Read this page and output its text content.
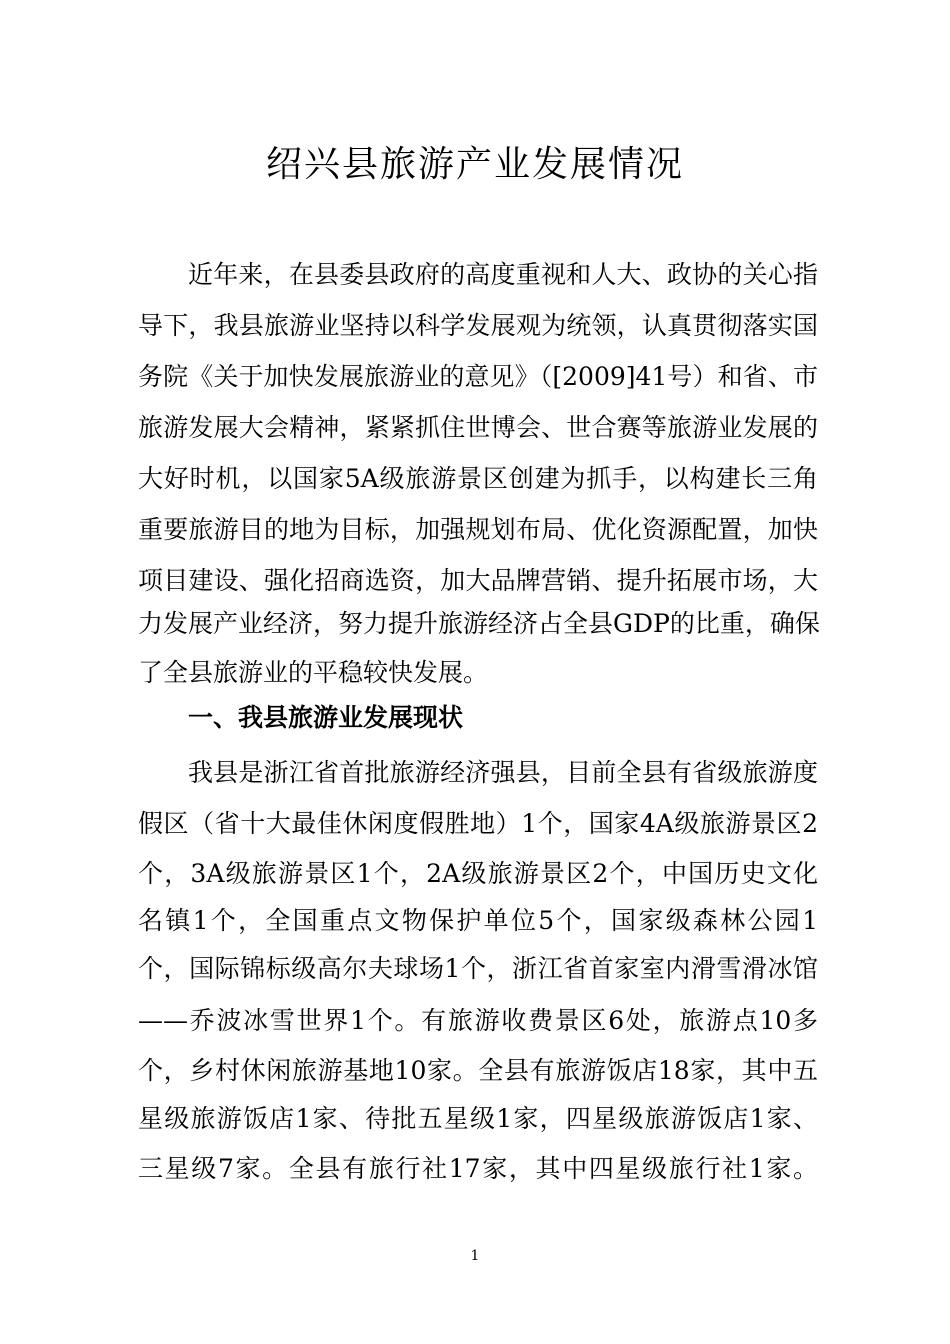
绍兴县旅游产业发展情况
近年来，在县委县政府的高度重视和人大、政协的关心指
导下，我县旅游业坚持以科学发展观为统领，认真贯彻落实国
务院《关于加快发展旅游业的意见》（[2009]41号）和省、市
旅游发展大会精神，紧紧抓住世博会、世合赛等旅游业发展的
大好时机，以国家5A级旅游景区创建为抓手，以构建长三角
重要旅游目的地为目标，加强规划布局、优化资源配置，加快
项目建设、强化招商选资，加大品牌营销、提升拓展市场，大
力发展产业经济，努力提升旅游经济占全县GDP的比重，确保
了全县旅游业的平稳较快发展。
一、我县旅游业发展现状
我县是浙江省首批旅游经济强县，目前全县有省级旅游度
假区（省十大最佳休闲度假胜地）1个，国家4A级旅游景区2
个，3A级旅游景区1个，2A级旅游景区2个，中国历史文化
名镇1个，全国重点文物保护单位5个，国家级森林公园1
个，国际锦标级高尔夫球场1个，浙江省首家室内滑雪滑冰馆
——乔波冰雪世界1个。有旅游收费景区6处，旅游点10多
个，乡村休闲旅游基地10家。全县有旅游饭店18家，其中五
星级旅游饭店1家、待批五星级1家，四星级旅游饭店1家、
三星级7家。全县有旅行社17家，其中四星级旅行社1家。
1
